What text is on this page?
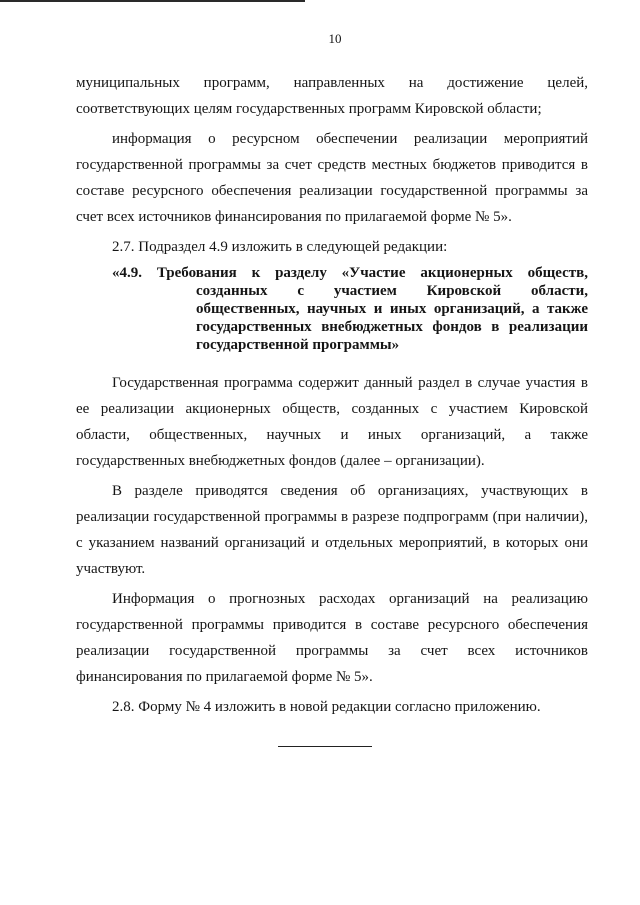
10

муниципальных программ, направленных на достижение целей, соответствующих целям государственных программ Кировской области;

информация о ресурсном обеспечении реализации мероприятий государственной программы за счет средств местных бюджетов приводится в составе ресурсного обеспечения реализации государственной программы за счет всех источников финансирования по прилагаемой форме № 5».

2.7. Подраздел 4.9 изложить в следующей редакции:

«4.9. Требования к разделу «Участие акционерных обществ, созданных с участием Кировской области, общественных, научных и иных организаций, а также государственных внебюджетных фондов в реализации государственной программы»

Государственная программа содержит данный раздел в случае участия в ее реализации акционерных обществ, созданных с участием Кировской области, общественных, научных и иных организаций, а также государственных внебюджетных фондов (далее – организации).

В разделе приводятся сведения об организациях, участвующих в реализации государственной программы в разрезе подпрограмм (при наличии), с указанием названий организаций и отдельных мероприятий, в которых они участвуют.

Информация о прогнозных расходах организаций на реализацию государственной программы приводится в составе ресурсного обеспечения реализации государственной программы за счет всех источников финансирования по прилагаемой форме № 5».

2.8. Форму № 4 изложить в новой редакции согласно приложению.
